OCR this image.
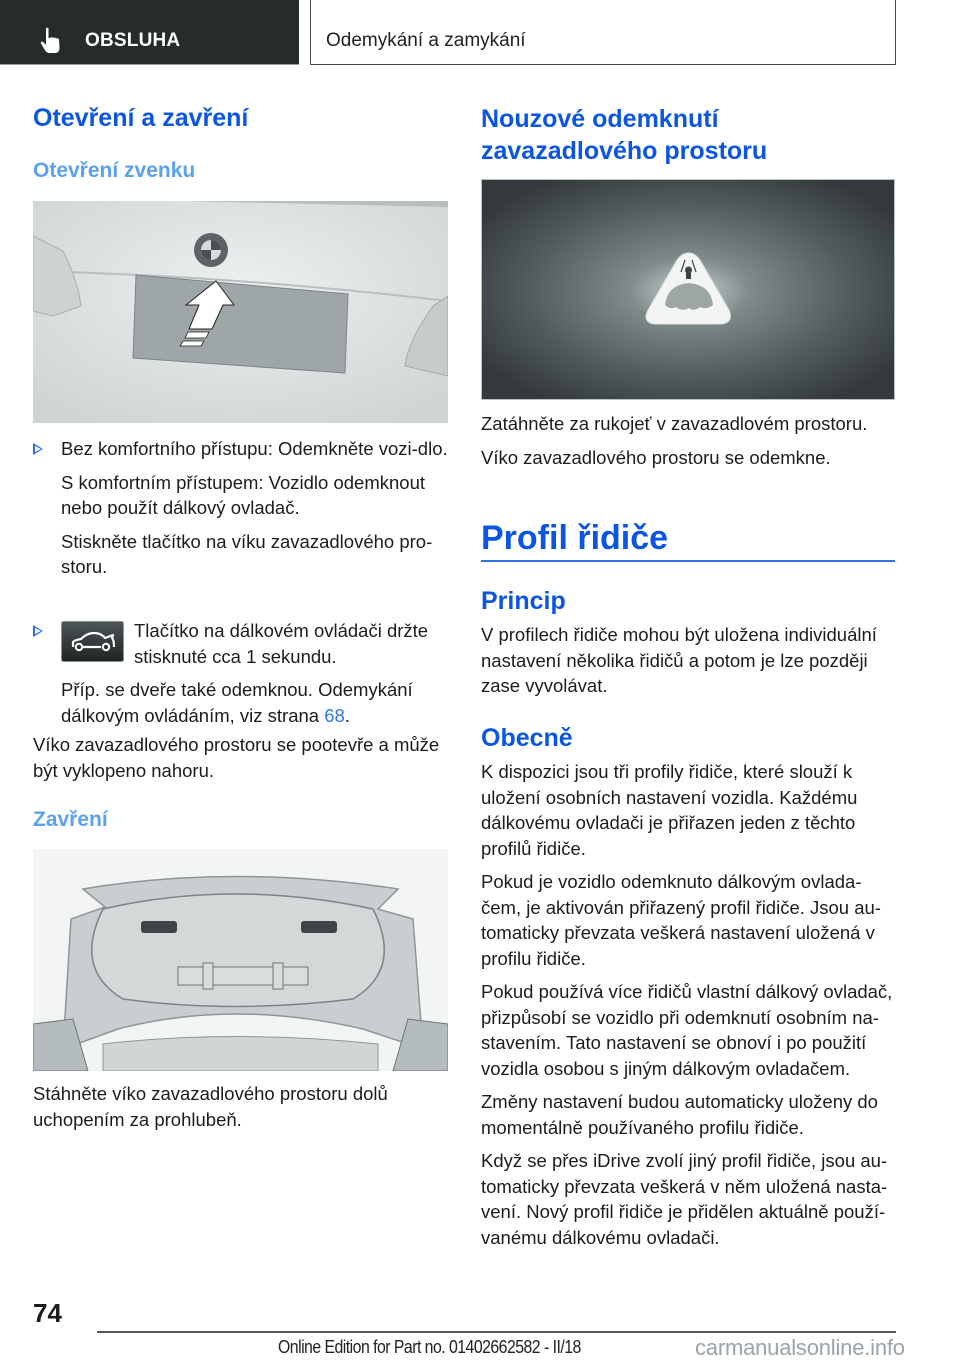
OBSLUHA	Odemykání a zamykání
Otevření a zavření
Otevření zvenku
Bez komfortního přístupu: Odemkněte vozi-dlo.
S komfortním přístupem: Vozidlo odemknout nebo použít dálkový ovladač.
Stiskněte tlačítko na víku zavazadlového pro-storu.
Tlačítko na dálkovém ovládači držte stisknuté cca 1 sekundu.
Příp. se dveře také odemknou. Odemykání dálkovým ovládáním, viz strana 68.
Víko zavazadlového prostoru se pootevře a může být vyklopeno nahoru.
Zavření
Stáhněte víko zavazadlového prostoru dolů uchopením za prohlubeň.
Nouzové odemknutí zavazadlového prostoru
Zatáhněte za rukojeť v zavazadlovém prostoru.
Víko zavazadlového prostoru se odemkne.
Profil řidiče
Princip
V profilech řidiče mohou být uložena individuální nastavení několika řidičů a potom je lze později zase vyvolávat.
Obecně
K dispozici jsou tři profily řidiče, které slouží k uložení osobních nastavení vozidla. Každému dálkovému ovladači je přiřazen jeden z těchto profilů řidiče.
Pokud je vozidlo odemknuto dálkovým ovlada-čem, je aktivován přiřazený profil řidiče. Jsou au-tomaticky převzata veškerá nastavení uložená v profilu řidiče.
Pokud používá více řidičů vlastní dálkový ovladač, přizpůsobí se vozidlo při odemknutí osobním na-stavením. Tato nastavení se obnoví i po použití vozidla osobou s jiným dálkovým ovladačem.
Změny nastavení budou automaticky uloženy do momentálně používaného profilu řidiče.
Když se přes iDrive zvolí jiný profil řidiče, jsou au-tomaticky převzata veškerá v něm uložená nasta-vení. Nový profil řidiče je přidělen aktuálně použí-vanému dálkovému ovladači.
74
Online Edition for Part no. 01402662582 - II/18	carmanualsonline.info
